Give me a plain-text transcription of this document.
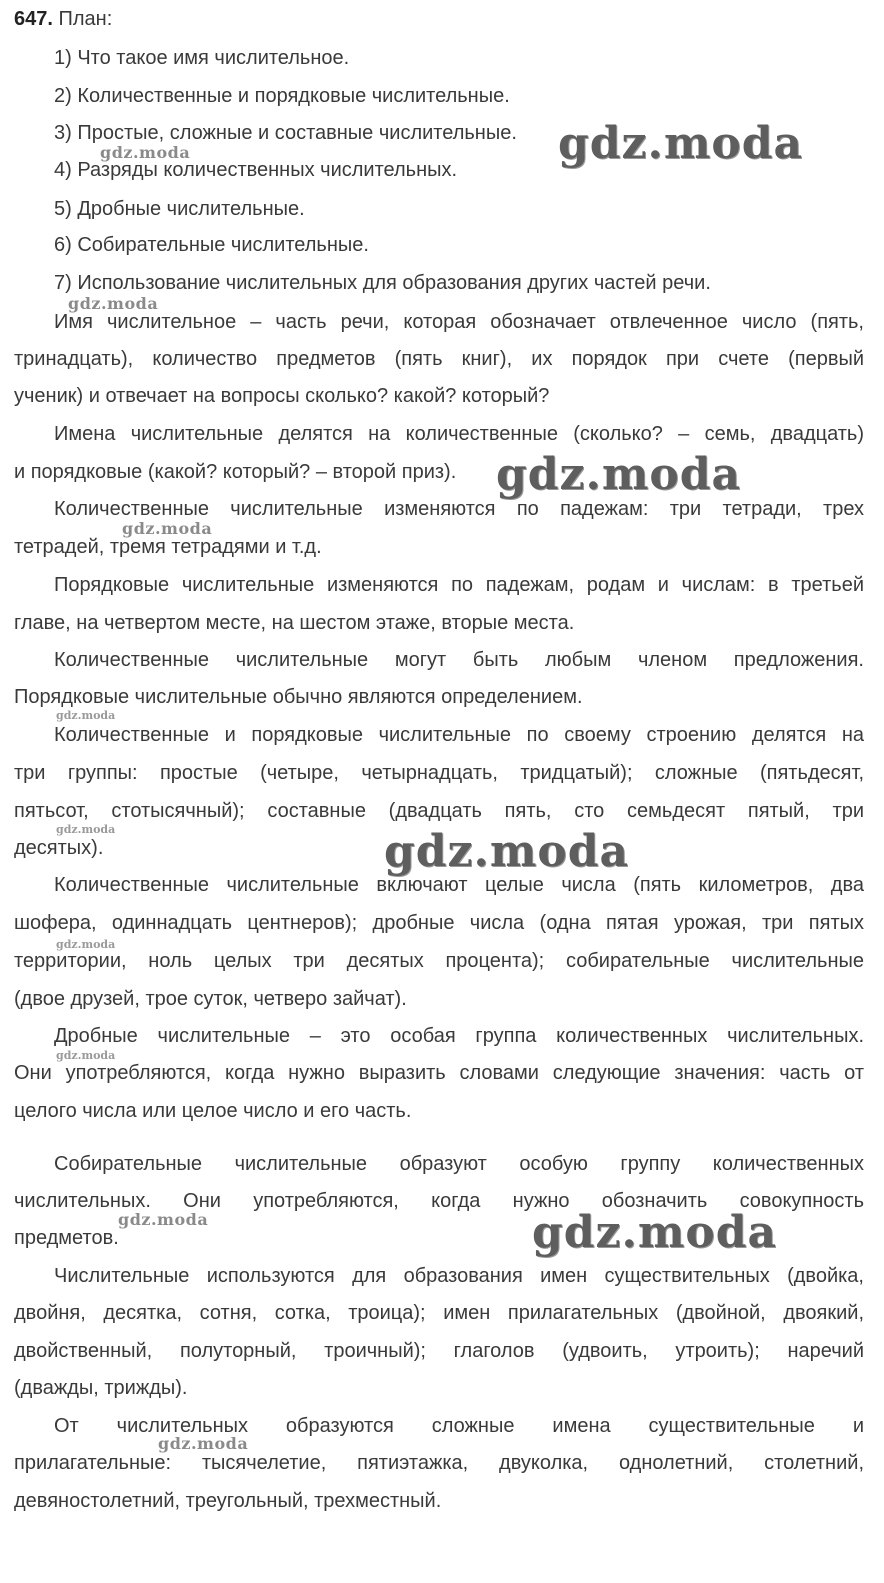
647. План:
1) Что такое имя числительное.
2) Количественные и порядковые числительные.
3) Простые, сложные и составные числительные.
4) Разряды количественных числительных.
5) Дробные числительные.
6) Собирательные числительные.
7) Использование числительных для образования других частей речи.
Имя числительное – часть речи, которая обозначает отвлеченное число (пять,
тринадцать), количество предметов (пять книг), их порядок при счете (первый
ученик) и отвечает на вопросы сколько? какой? который?
Имена числительные делятся на количественные (сколько? – семь, двадцать)
и порядковые (какой? который? – второй приз).
Количественные числительные изменяются по падежам: три тетради, трех
тетрадей, тремя тетрадями и т.д.
Порядковые числительные изменяются по падежам, родам и числам: в третьей
главе, на четвертом месте, на шестом этаже, вторые места.
Количественные числительные могут быть любым членом предложения.
Порядковые числительные обычно являются определением.
Количественные и порядковые числительные по своему строению делятся на
три группы: простые (четыре, четырнадцать, тридцатый); сложные (пятьдесят,
пятьсот, стотысячный); составные (двадцать пять, сто семьдесят пятый, три
десятых).
Количественные числительные включают целые числа (пять километров, два
шофера, одиннадцать центнеров); дробные числа (одна пятая урожая, три пятых
территории, ноль целых три десятых процента); собирательные числительные
(двое друзей, трое суток, четверо зайчат).
Дробные числительные – это особая группа количественных числительных.
Они употребляются, когда нужно выразить словами следующие значения: часть от
целого числа или целое число и его часть.
Собирательные числительные образуют особую группу количественных
числительных. Они употребляются, когда нужно обозначить совокупность
предметов.
Числительные используются для образования имен существительных (двойка,
двойня, десятка, сотня, сотка, троица); имен прилагательных (двойной, двоякий,
двойственный, полуторный, троичный); глаголов (удвоить, утроить); наречий
(дважды, трижды).
От числительных образуются сложные имена существительные и
прилагательные: тысячелетие, пятиэтажка, двуколка, однолетний, столетний,
девяностолетний, треугольный, трехместный.
gdz.moda
gdz.moda
gdz.moda
gdz.moda
gdz.moda
gdz.moda
gdz.moda	gdz.moda
gdz.moda
gdz.moda
gdz.moda	gdz.moda
gdz.moda
